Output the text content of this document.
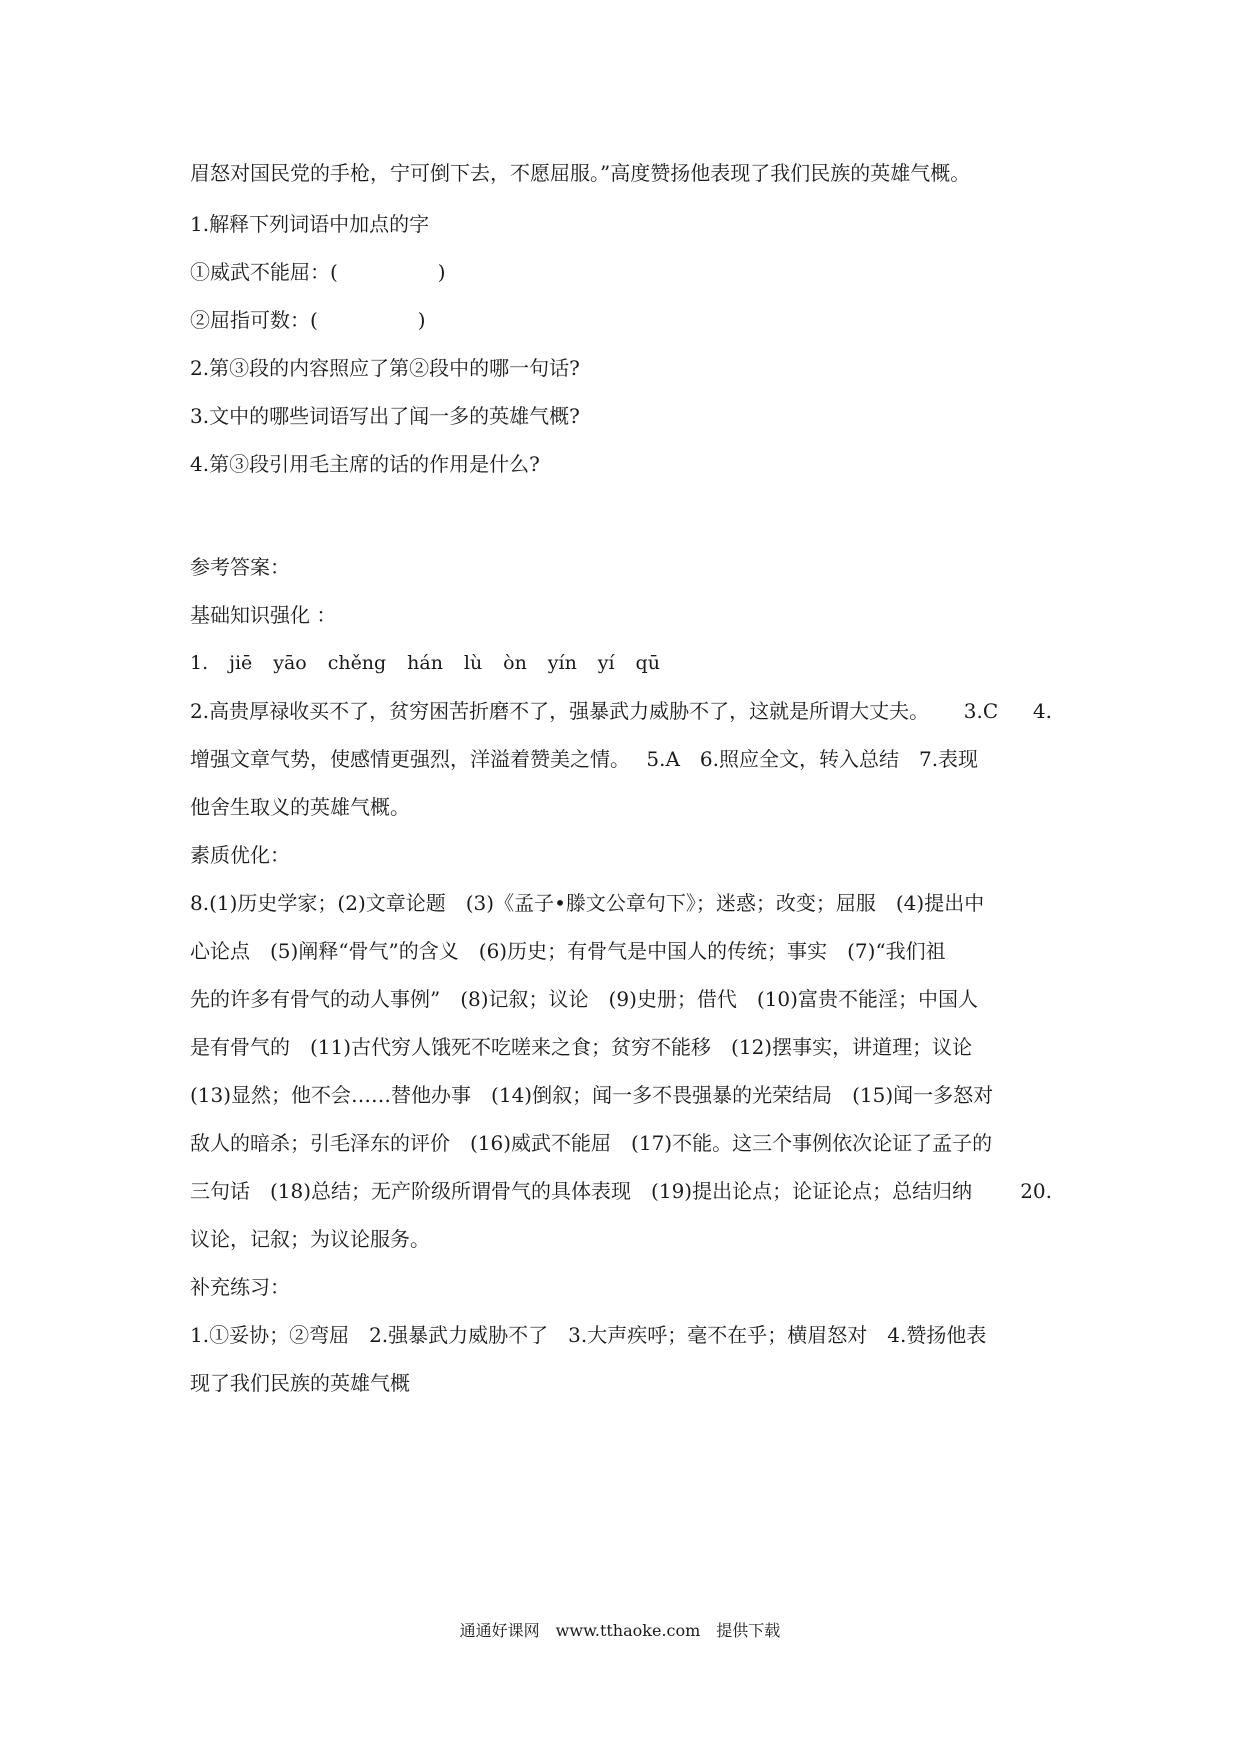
眉怒对国民党的手枪，宁可倒下去，不愿屈服。”高度赞扬他表现了我们民族的英雄气概。
1.解释下列词语中加点的字
①威武不能屈：(　　　　　)
②屈指可数：(　　　　　)
2.第③段的内容照应了第②段中的哪一句话?
3.文中的哪些词语写出了闻一多的英雄气概?
4.第③段引用毛主席的话的作用是什么?
参考答案：
基础知识强化 ：
1. jiē yāo chěng hán lù òn yín yí qū
2.高贵厚禄收买不了，贫穷困苦折磨不了，强暴武力威胁不了，这就是所谓大丈夫。 3.C 4.
增强文章气势，使感情更强烈，洋溢着赞美之情。　 5.A　6.照应全文，转入总结　7.表现
他舍生取义的英雄气概。
素质优化：
8.(1)历史学家；(2)文章论题　(3)《孟子•滕文公章句下》；迷惑；改变；屈服　(4)提出中
心论点　(5)阐释“骨气”的含义　(6)历史；有骨气是中国人的传统；事实　(7)“我们祖
先的许多有骨气的动人事例”　(8)记叙；议论　(9)史册；借代　(10)富贵不能淫；中国人
是有骨气的　(11)古代穷人饿死不吃嗟来之食；贫穷不能移　(12)摆事实，讲道理；议论
(13)显然；他不会……替他办事　(14)倒叙；闻一多不畏强暴的光荣结局　(15)闻一多怒对
敌人的暗杀；引毛泽东的评价　(16)威武不能屈　(17)不能。这三个事例依次论证了孟子的
三句话　(18)总结；无产阶级所谓骨气的具体表现　(19)提出论点；论证论点；总结归纳 20.
议论，记叙；为议论服务。
补充练习：
1.①妥协；②弯屈　2.强暴武力威胁不了　3.大声疾呼；毫不在乎；横眉怒对　4.赞扬他表
现了我们民族的英雄气概
通通好课网　www.tthaoke.com　提供下载
